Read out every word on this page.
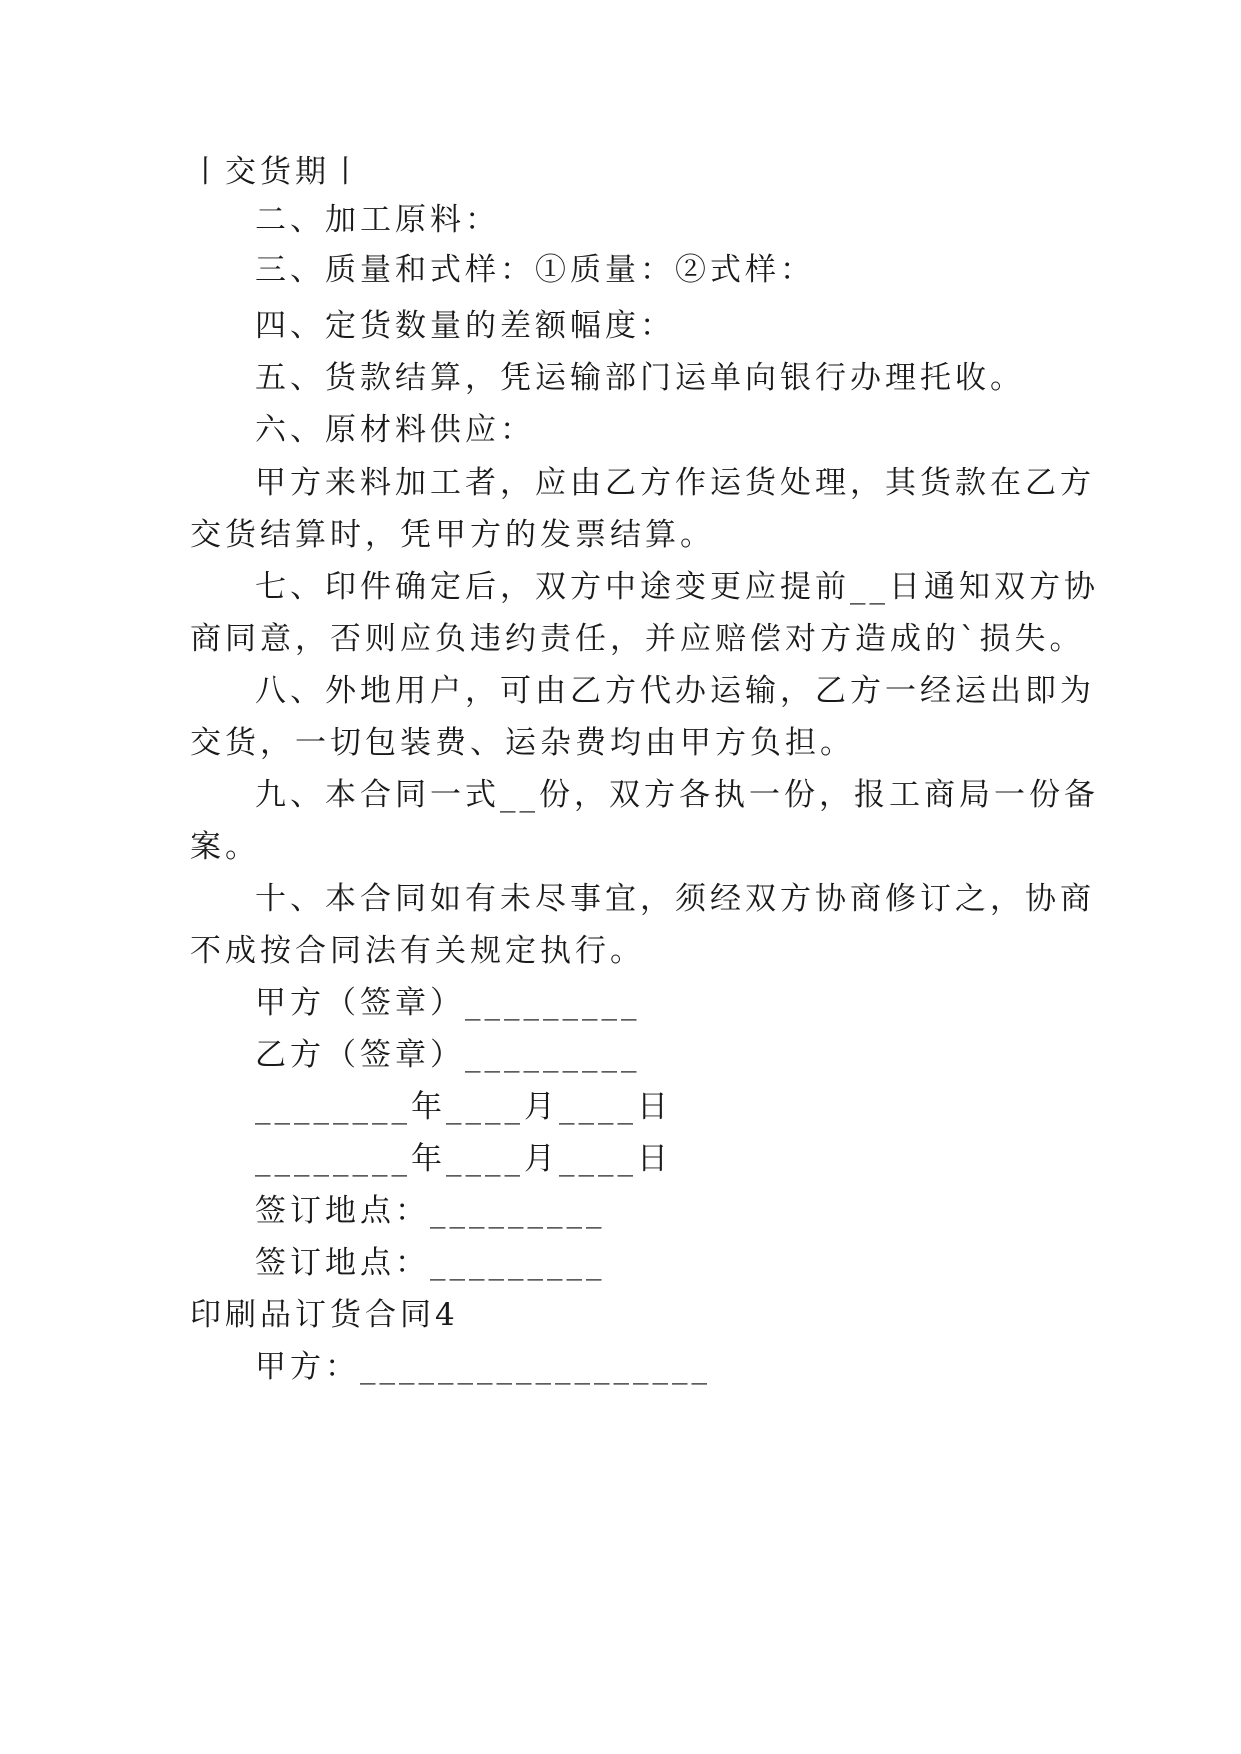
丨交货期丨
二、加工原料：
三、质量和式样：①质量：②式样：
四、定货数量的差额幅度：
五、货款结算，凭运输部门运单向银行办理托收。
六、原材料供应：
甲方来料加工者，应由乙方作运货处理，其货款在乙方
交货结算时，凭甲方的发票结算。
七、印件确定后，双方中途变更应提前__日通知双方协
商同意，否则应负违约责任，并应赔偿对方造成的`损失。
八、外地用户，可由乙方代办运输，乙方一经运出即为
交货，一切包装费、运杂费均由甲方负担。
九、本合同一式__份，双方各执一份，报工商局一份备
案。
十、本合同如有未尽事宜，须经双方协商修订之，协商
不成按合同法有关规定执行。
甲方（签章）_________
乙方（签章）_________
________年____月____日
________年____月____日
签订地点：_________
签订地点：_________
印刷品订货合同4
甲方：__________________
